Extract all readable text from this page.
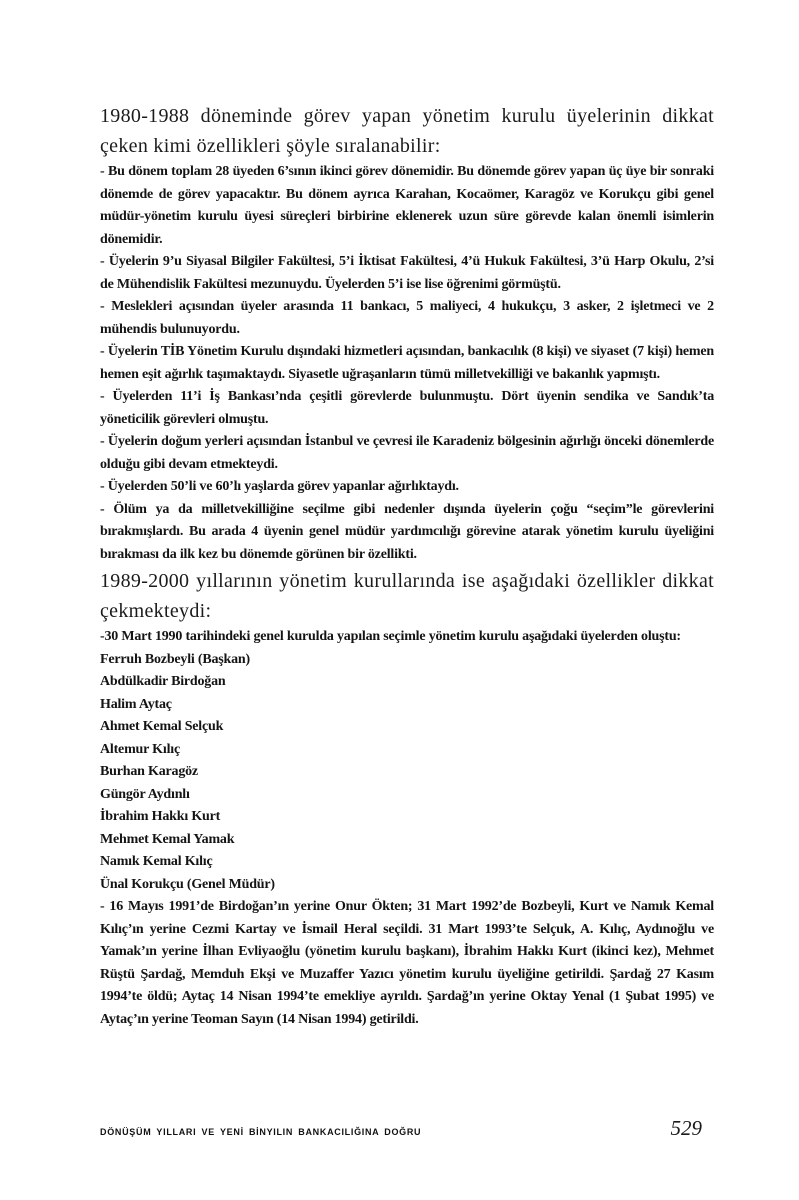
1980-1988 döneminde görev yapan yönetim kurulu üyelerinin dikkat çeken kimi özellikleri şöyle sıralanabilir:

- Bu dönem toplam 28 üyeden 6’sının ikinci görev dönemidir. Bu dönemde görev yapan üç üye bir sonraki dönemde de görev yapacaktır. Bu dönem ayrıca Karahan, Kocaömer, Karagöz ve Korukçu gibi genel müdür-yönetim kurulu üyesi süreçleri birbirine eklenerek uzun süre görevde kalan önemli isimlerin dönemidir.

- Üyelerin 9’u Siyasal Bilgiler Fakültesi, 5’i İktisat Fakültesi, 4’ü Hukuk Fakültesi, 3’ü Harp Okulu, 2’si de Mühendislik Fakültesi mezunuydu. Üyelerden 5’i ise lise öğrenimi görmüştü.

- Meslekleri açısından üyeler arasında 11 bankacı, 5 maliyeci, 4 hukukçu, 3 asker, 2 işletmeci ve 2 mühendis bulunuyordu.

- Üyelerin TİB Yönetim Kurulu dışındaki hizmetleri açısından, bankacılık (8 kişi) ve siyaset (7 kişi) hemen hemen eşit ağırlık taşımaktaydı. Siyasetle uğraşanların tümü milletvekilliği ve bakanlık yapmıştı.

- Üyelerden 11’i İş Bankası’nda çeşitli görevlerde bulunmuştu. Dört üyenin sendika ve Sandık’ta yöneticilik görevleri olmuştu.

- Üyelerin doğum yerleri açısından İstanbul ve çevresi ile Karadeniz bölgesinin ağırlığı önceki dönemlerde olduğu gibi devam etmekteydi.

- Üyelerden 50’li ve 60’lı yaşlarda görev yapanlar ağırlıktaydı.

- Ölüm ya da milletvekilliğine seçilme gibi nedenler dışında üyelerin çoğu “seçim”le görevlerini bırakmışlardı. Bu arada 4 üyenin genel müdür yardımcılığı görevine atarak yönetim kurulu üyeliğini bırakması da ilk kez bu dönemde görünen bir özellikti.

1989-2000 yıllarının yönetim kurullarında ise aşağıdaki özellikler dikkat çekmekteydi:

-30 Mart 1990 tarihindeki genel kurulda yapılan seçimle yönetim kurulu aşağıdaki üyelerden oluştu:

Ferruh Bozbeyli (Başkan)

Abdülkadir Birdoğan

Halim Aytaç

Ahmet Kemal Selçuk

Altemur Kılıç

Burhan Karagöz

Güngör Aydınlı

İbrahim Hakkı Kurt

Mehmet Kemal Yamak

Namık Kemal Kılıç

Ünal Korukçu (Genel Müdür)

- 16 Mayıs 1991’de Birdoğan’ın yerine Onur Ökten; 31 Mart 1992’de Bozbeyli, Kurt ve Namık Kemal Kılıç’ın yerine Cezmi Kartay ve İsmail Heral seçildi. 31 Mart 1993’te Selçuk, A. Kılıç, Aydınoğlu ve Yamak’ın yerine İlhan Evliyaoğlu (yönetim kurulu başkanı), İbrahim Hakkı Kurt (ikinci kez), Mehmet Rüştü Şardağ, Memduh Ekşi ve Muzaffer Yazıcı yönetim kurulu üyeliğine getirildi. Şardağ 27 Kasım 1994’te öldü; Aytaç 14 Nisan 1994’te emekliye ayrıldı. Şardağ’ın yerine Oktay Yenal (1 Şubat 1995) ve Aytaç’ın yerine Teoman Sayın (14 Nisan 1994) getirildi.

DÖNÜŞÜM YILLARI VE YENİ BİNYILIN BANKACILIĞINA DOĞRU	529
